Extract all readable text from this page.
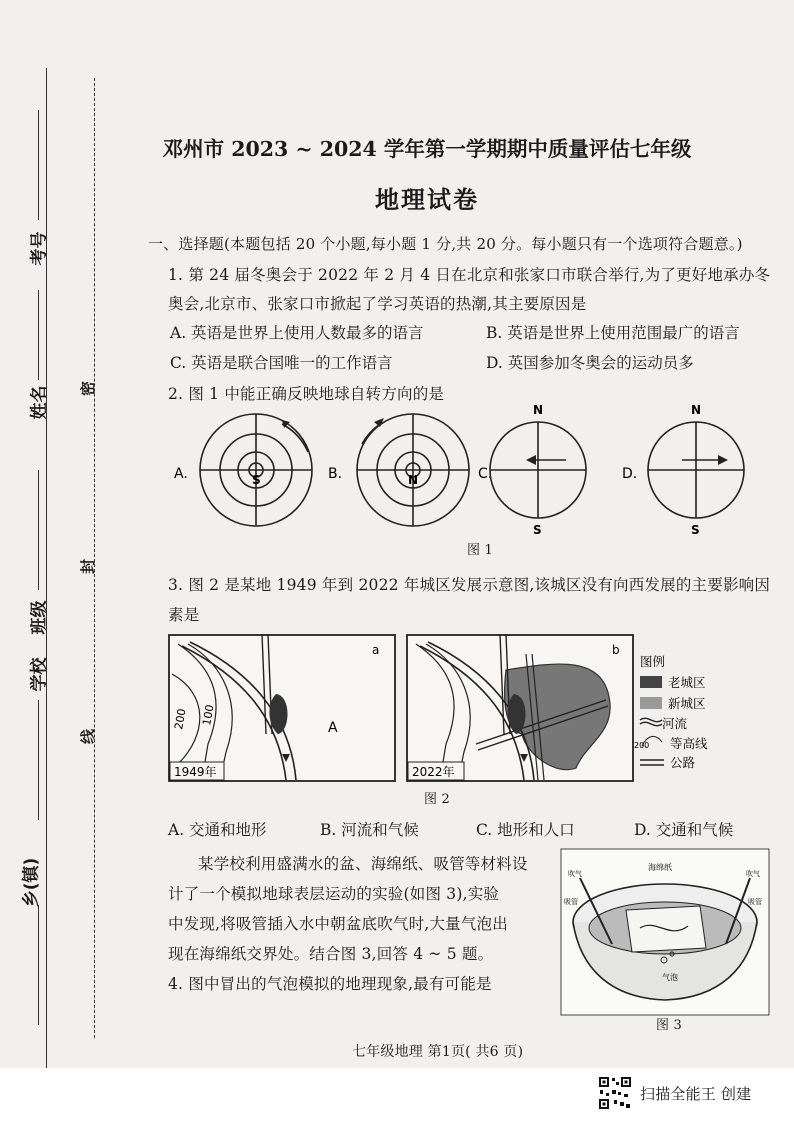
考号
姓名
班级
学校
乡(镇)
密
封
线
邓州市 2023 ~ 2024 学年第一学期期中质量评估七年级
地理试卷
一、选择题(本题包括 20 个小题,每小题 1 分,共 20 分。每小题只有一个选项符合题意。)
1. 第 24 届冬奥会于 2022 年 2 月 4 日在北京和张家口市联合举行,为了更好地承办冬
奥会,北京市、张家口市掀起了学习英语的热潮,其主要原因是
A. 英语是世界上使用人数最多的语言	B. 英语是世界上使用范围最广的语言
C. 英语是联合国唯一的工作语言	D. 英国参加冬奥会的运动员多
2. 图 1 中能正确反映地球自转方向的是
A.	S	B.	N	C.
N
S
D.
N
S
图 1
3. 图 2 是某地 1949 年到 2022 年城区发展示意图,该城区没有向西发展的主要影响因
素是
200 100
A
a
1949年
b
2022年
图例
老城区
新城区
河流
200 等高线
公路
图 2
A. 交通和地形	B. 河流和气候	C. 地形和人口	D. 交通和气候
某学校利用盛满水的盆、海绵纸、吸管等材料设
计了一个模拟地球表层运动的实验(如图 3),实验
中发现,将吸管插入水中朝盆底吹气时,大量气泡出
现在海绵纸交界处。结合图 3,回答 4 ~ 5 题。
4. 图中冒出的气泡模拟的地理现象,最有可能是
海绵纸
吹气	吹气
吸管	吸管
气泡
图 3
七年级地理 第1页( 共6 页)
扫描全能王 创建
